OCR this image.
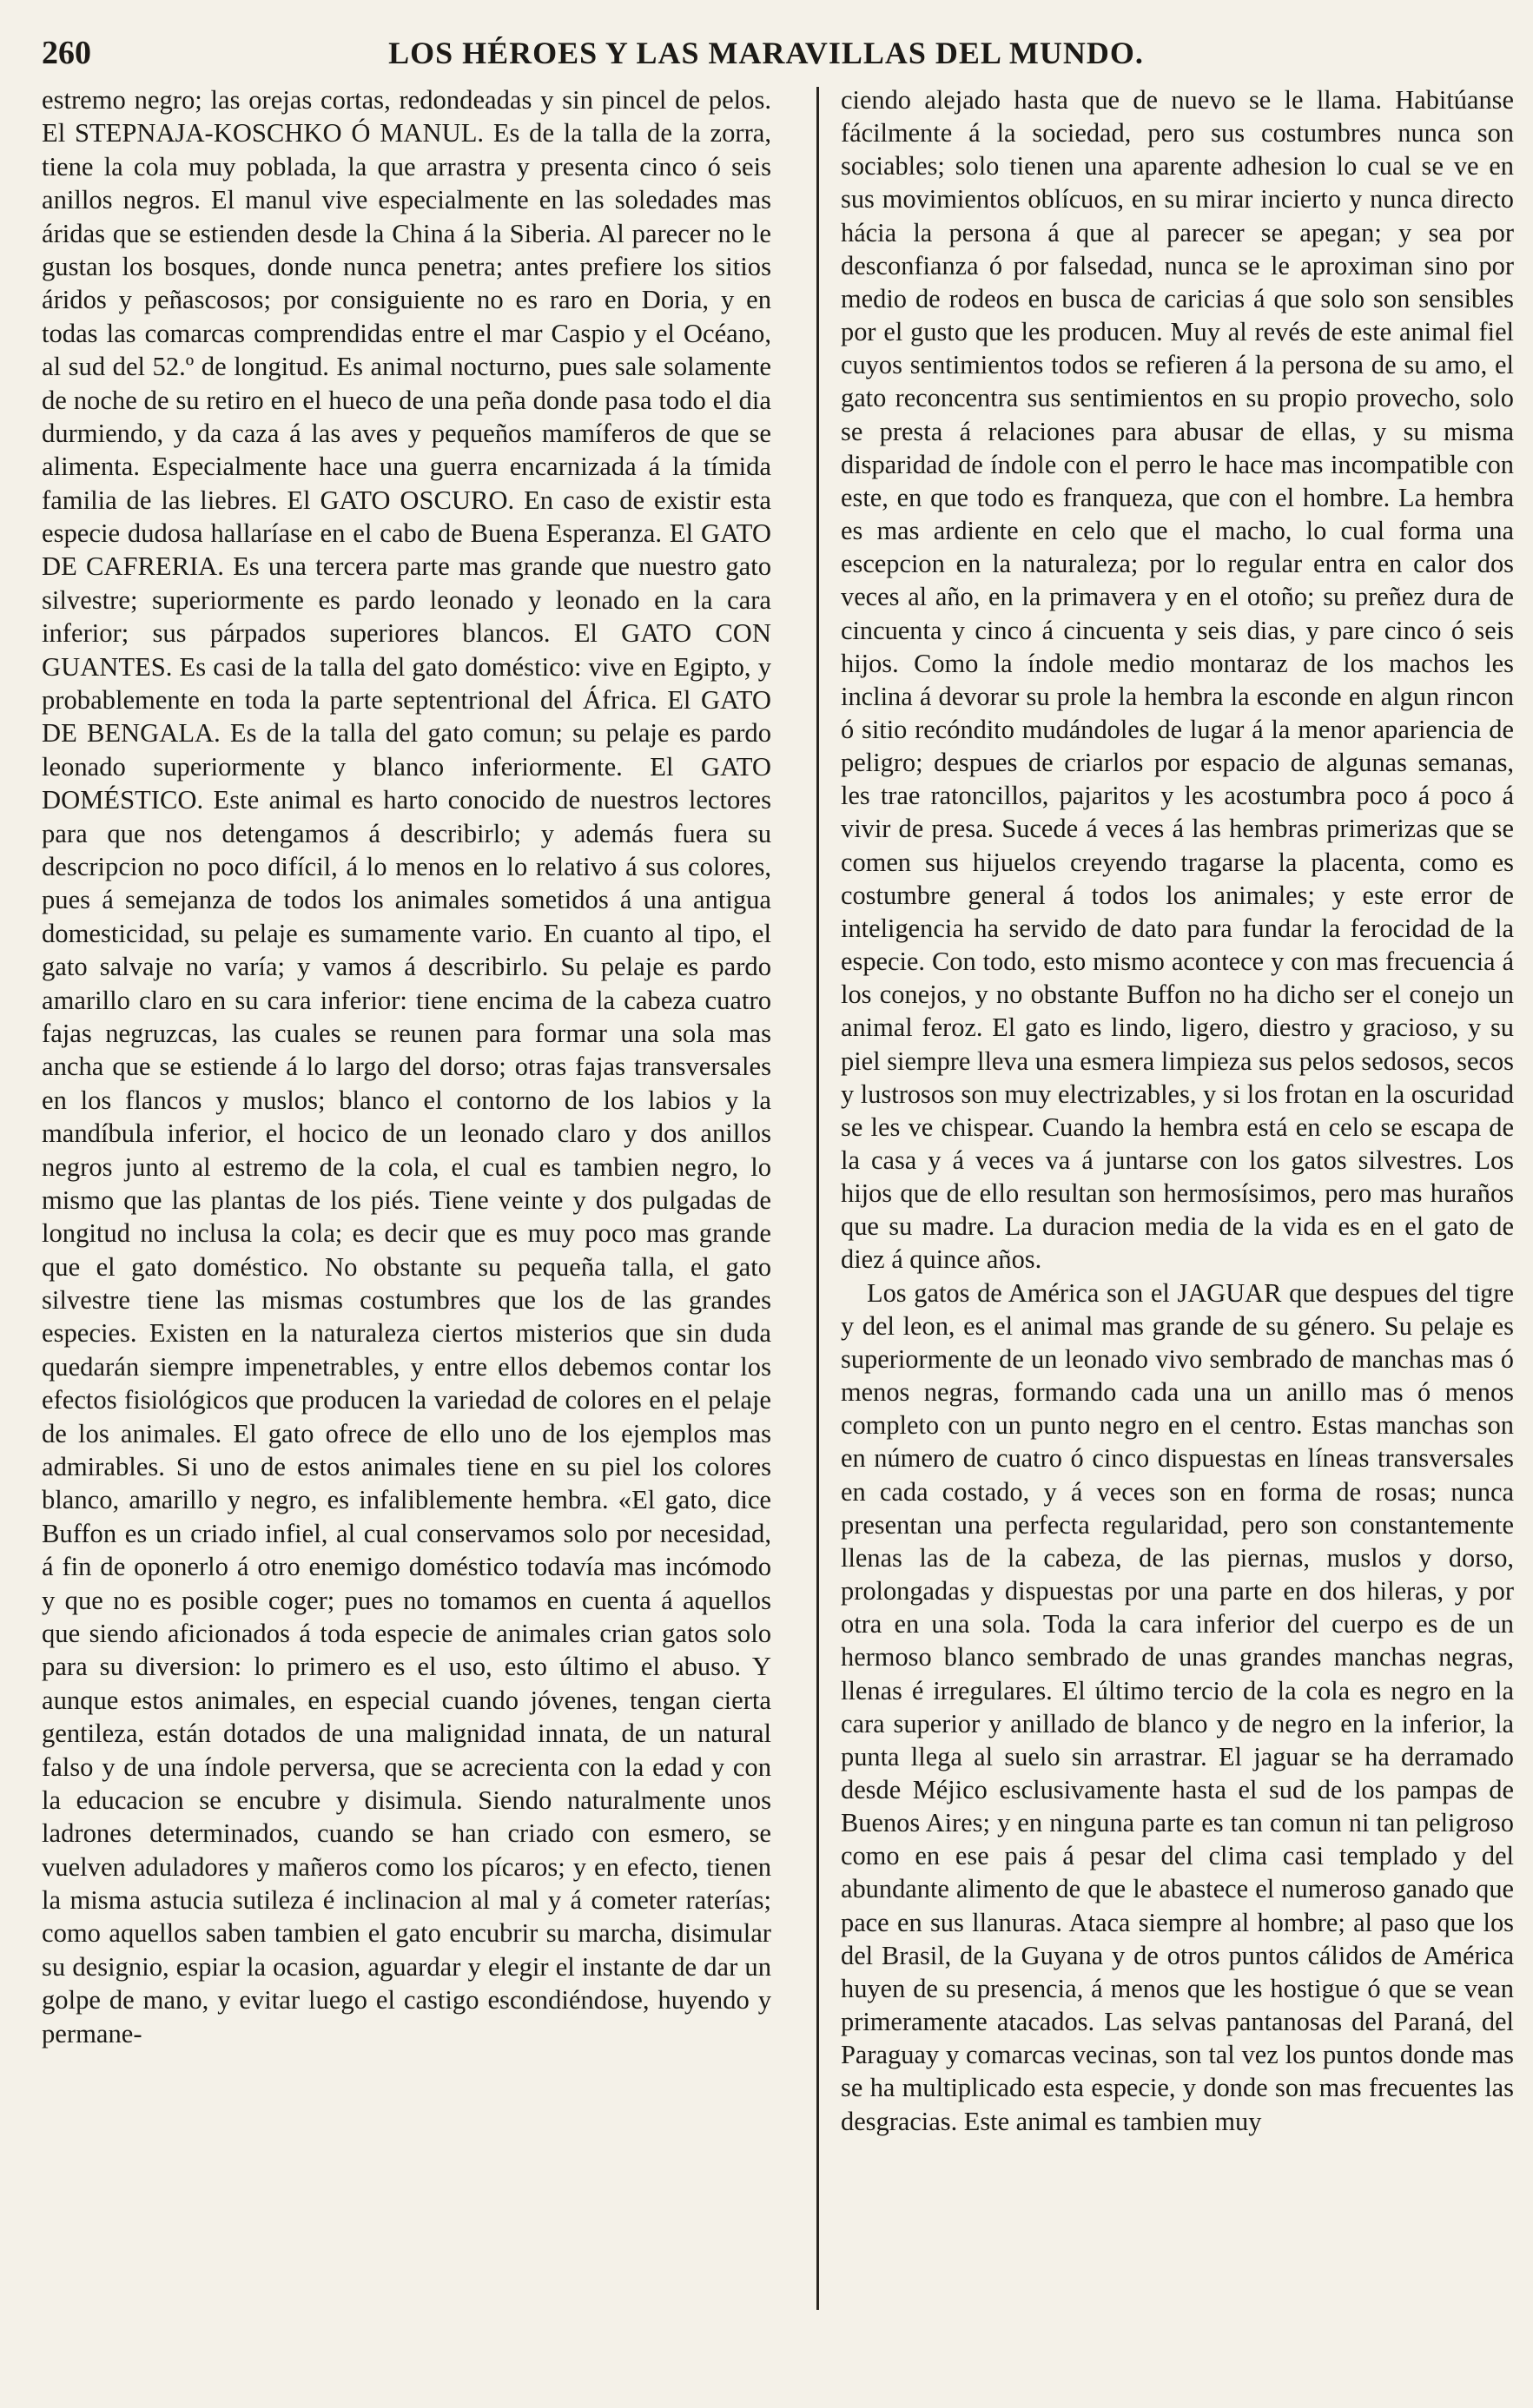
260	LOS HÉROES Y LAS MARAVILLAS DEL MUNDO.

estremo negro; las orejas cortas, redondeadas y sin pincel de pelos. El STEPNAJA-KOSCHKO Ó MANUL. Es de la talla de la zorra, tiene la cola muy poblada, la que arrastra y presenta cinco ó seis anillos negros. El manul vive especialmente en las soledades mas áridas que se estienden desde la China á la Siberia. Al parecer no le gustan los bosques, donde nunca penetra; antes prefiere los sitios áridos y peñascosos; por consiguiente no es raro en Doria, y en todas las comarcas comprendidas entre el mar Caspio y el Océano, al sud del 52.º de longitud. Es animal nocturno, pues sale solamente de noche de su retiro en el hueco de una peña donde pasa todo el dia durmiendo, y da caza á las aves y pequeños mamíferos de que se alimenta. Especialmente hace una guerra encarnizada á la tímida familia de las liebres. El GATO OSCURO. En caso de existir esta especie dudosa hallaríase en el cabo de Buena Esperanza. El GATO DE CAFRERIA. Es una tercera parte mas grande que nuestro gato silvestre; superiormente es pardo leonado y leonado en la cara inferior; sus párpados superiores blancos. El GATO CON GUANTES. Es casi de la talla del gato doméstico: vive en Egipto, y probablemente en toda la parte septentrional del África. El GATO DE BENGALA. Es de la talla del gato comun; su pelaje es pardo leonado superiormente y blanco inferiormente. El GATO DOMÉSTICO. Este animal es harto conocido de nuestros lectores para que nos detengamos á describirlo; y además fuera su descripcion no poco difícil, á lo menos en lo relativo á sus colores, pues á semejanza de todos los animales sometidos á una antigua domesticidad, su pelaje es sumamente vario. En cuanto al tipo, el gato salvaje no varía; y vamos á describirlo. Su pelaje es pardo amarillo claro en su cara inferior: tiene encima de la cabeza cuatro fajas negruzcas, las cuales se reunen para formar una sola mas ancha que se estiende á lo largo del dorso; otras fajas transversales en los flancos y muslos; blanco el contorno de los labios y la mandíbula inferior, el hocico de un leonado claro y dos anillos negros junto al estremo de la cola, el cual es tambien negro, lo mismo que las plantas de los piés. Tiene veinte y dos pulgadas de longitud no inclusa la cola; es decir que es muy poco mas grande que el gato doméstico. No obstante su pequeña talla, el gato silvestre tiene las mismas costumbres que los de las grandes especies. Existen en la naturaleza ciertos misterios que sin duda quedarán siempre impenetrables, y entre ellos debemos contar los efectos fisiológicos que producen la variedad de colores en el pelaje de los animales. El gato ofrece de ello uno de los ejemplos mas admirables. Si uno de estos animales tiene en su piel los colores blanco, amarillo y negro, es infaliblemente hembra. «El gato, dice Buffon es un criado infiel, al cual conservamos solo por necesidad, á fin de oponerlo á otro enemigo doméstico todavía mas incómodo y que no es posible coger; pues no tomamos en cuenta á aquellos que siendo aficionados á toda especie de animales crian gatos solo para su diversion: lo primero es el uso, esto último el abuso. Y aunque estos animales, en especial cuando jóvenes, tengan cierta gentileza, están dotados de una malignidad innata, de un natural falso y de una índole perversa, que se acrecienta con la edad y con la educacion se encubre y disimula. Siendo naturalmente unos ladrones determinados, cuando se han criado con esmero, se vuelven aduladores y mañeros como los pícaros; y en efecto, tienen la misma astucia sutileza é inclinacion al mal y á cometer raterías; como aquellos saben tambien el gato encubrir su marcha, disimular su designio, espiar la ocasion, aguardar y elegir el instante de dar un golpe de mano, y evitar luego el castigo escondiéndose, huyendo y permane-

ciendo alejado hasta que de nuevo se le llama. Habitúanse fácilmente á la sociedad, pero sus costumbres nunca son sociables; solo tienen una aparente adhesion lo cual se ve en sus movimientos oblícuos, en su mirar incierto y nunca directo hácia la persona á que al parecer se apegan; y sea por desconfianza ó por falsedad, nunca se le aproximan sino por medio de rodeos en busca de caricias á que solo son sensibles por el gusto que les producen. Muy al revés de este animal fiel cuyos sentimientos todos se refieren á la persona de su amo, el gato reconcentra sus sentimientos en su propio provecho, solo se presta á relaciones para abusar de ellas, y su misma disparidad de índole con el perro le hace mas incompatible con este, en que todo es franqueza, que con el hombre. La hembra es mas ardiente en celo que el macho, lo cual forma una escepcion en la naturaleza; por lo regular entra en calor dos veces al año, en la primavera y en el otoño; su preñez dura de cincuenta y cinco á cincuenta y seis dias, y pare cinco ó seis hijos. Como la índole medio montaraz de los machos les inclina á devorar su prole la hembra la esconde en algun rincon ó sitio recóndito mudándoles de lugar á la menor apariencia de peligro; despues de criarlos por espacio de algunas semanas, les trae ratoncillos, pajaritos y les acostumbra poco á poco á vivir de presa. Sucede á veces á las hembras primerizas que se comen sus hijuelos creyendo tragarse la placenta, como es costumbre general á todos los animales; y este error de inteligencia ha servido de dato para fundar la ferocidad de la especie. Con todo, esto mismo acontece y con mas frecuencia á los conejos, y no obstante Buffon no ha dicho ser el conejo un animal feroz. El gato es lindo, ligero, diestro y gracioso, y su piel siempre lleva una esmera limpieza sus pelos sedosos, secos y lustrosos son muy electrizables, y si los frotan en la oscuridad se les ve chispear. Cuando la hembra está en celo se escapa de la casa y á veces va á juntarse con los gatos silvestres. Los hijos que de ello resultan son hermosísimos, pero mas huraños que su madre. La duracion media de la vida es en el gato de diez á quince años.

Los gatos de América son el JAGUAR que despues del tigre y del leon, es el animal mas grande de su género. Su pelaje es superiormente de un leonado vivo sembrado de manchas mas ó menos negras, formando cada una un anillo mas ó menos completo con un punto negro en el centro. Estas manchas son en número de cuatro ó cinco dispuestas en líneas transversales en cada costado, y á veces son en forma de rosas; nunca presentan una perfecta regularidad, pero son constantemente llenas las de la cabeza, de las piernas, muslos y dorso, prolongadas y dispuestas por una parte en dos hileras, y por otra en una sola. Toda la cara inferior del cuerpo es de un hermoso blanco sembrado de unas grandes manchas negras, llenas é irregulares. El último tercio de la cola es negro en la cara superior y anillado de blanco y de negro en la inferior, la punta llega al suelo sin arrastrar. El jaguar se ha derramado desde Méjico esclusivamente hasta el sud de los pampas de Buenos Aires; y en ninguna parte es tan comun ni tan peligroso como en ese pais á pesar del clima casi templado y del abundante alimento de que le abastece el numeroso ganado que pace en sus llanuras. Ataca siempre al hombre; al paso que los del Brasil, de la Guyana y de otros puntos cálidos de América huyen de su presencia, á menos que les hostigue ó que se vean primeramente atacados. Las selvas pantanosas del Paraná, del Paraguay y comarcas vecinas, son tal vez los puntos donde mas se ha multiplicado esta especie, y donde son mas frecuentes las desgracias. Este animal es tambien muy
